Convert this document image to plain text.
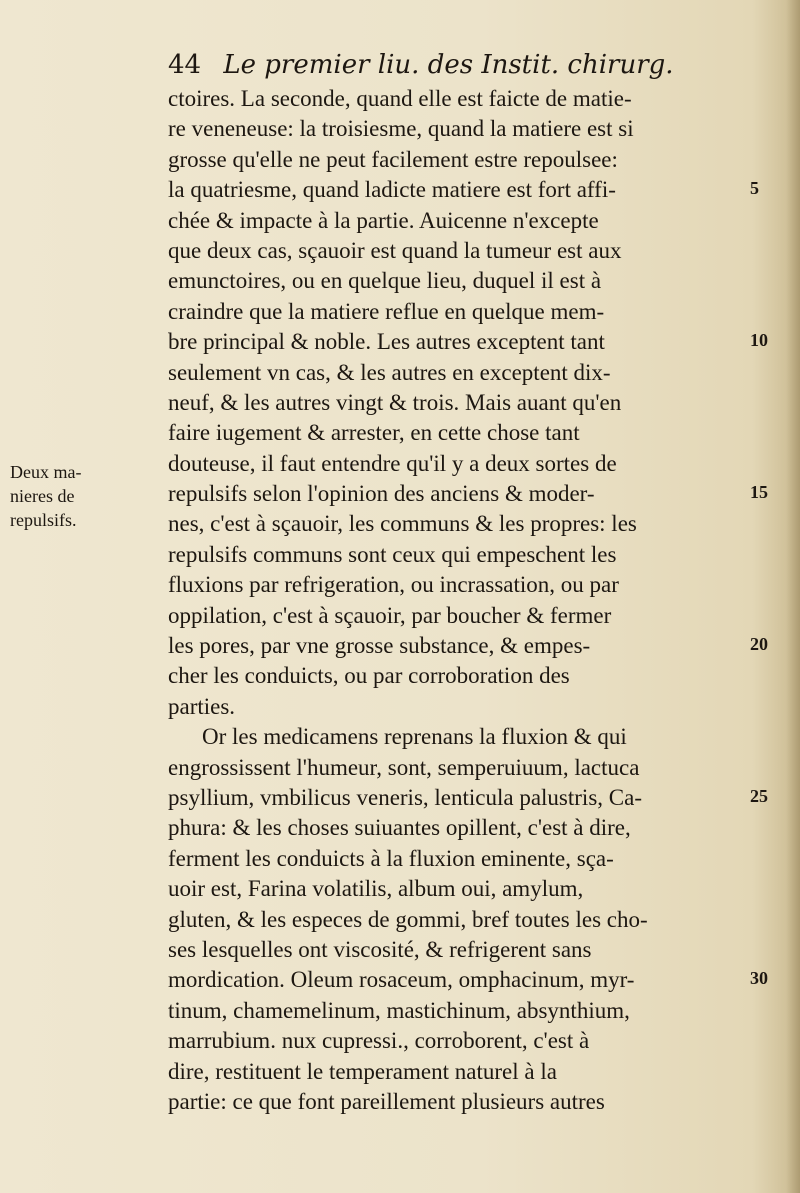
44 Le premier liu. des Instit. chirurg.
Deux ma-
nieres de
repulsifs.
ctoires. La seconde, quand elle est faicte de matie-
re veneneuse: la troisiesme, quand la matiere est si
grosse qu'elle ne peut facilement estre repoulsee:
la quatriesme, quand ladicte matiere est fort affi-
chée & impacte à la partie. Auicenne n'excepte
que deux cas, sçauoir est quand la tumeur est aux
emunctoires, ou en quelque lieu, duquel il est à
craindre que la matiere reflue en quelque mem-
bre principal & noble. Les autres exceptent tant
seulement vn cas, & les autres en exceptent dix-
neuf, & les autres vingt & trois. Mais auant qu'en
faire iugement & arrester, en cette chose tant
douteuse, il faut entendre qu'il y a deux sortes de
repulsifs selon l'opinion des anciens & moder-
nes, c'est à sçauoir, les communs & les propres: les
repulsifs communs sont ceux qui empeschent les
fluxions par refrigeration, ou incrassation, ou par
oppilation, c'est à sçauoir, par boucher & fermer
les pores, par vne grosse substance, & empes-
cher les conduicts, ou par corroboration des
parties.
Or les medicamens reprenans la fluxion & qui
engrossissent l'humeur, sont, semperuiuum, lactuca
psyllium, vmbilicus veneris, lenticula palustris, Ca-
phura: & les choses suiuantes opillent, c'est à dire,
ferment les conduicts à la fluxion eminente, sça-
uoir est, Farina volatilis, album oui, amylum,
gluten, & les especes de gommi, bref toutes les cho-
ses lesquelles ont viscosité, & refrigerent sans
mordication. Oleum rosaceum, omphacinum, myr-
tinum, chamemelinum, mastichinum, absynthium,
marrubium. nux cupressi., corroborent, c'est à
dire, restituent le temperament naturel à la
partie: ce que font pareillement plusieurs autres
5
10
15
20
25
30
